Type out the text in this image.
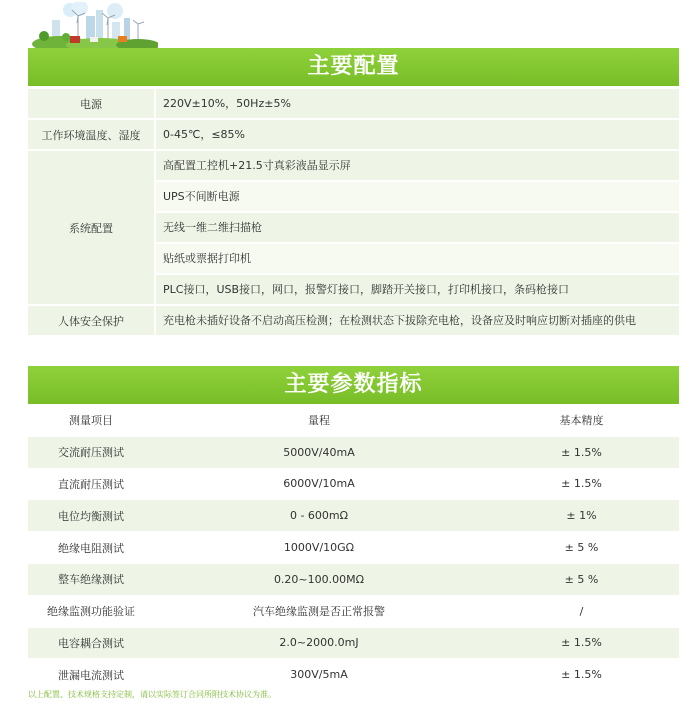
主要配置
电源	220V±10%，50Hz±5%
工作环境温度、湿度	0-45℃，≤85%
系统配置
高配置工控机+21.5寸真彩液晶显示屏
UPS不间断电源
无线一维二维扫描枪
贴纸或票据打印机
PLC接口，USB接口，网口，报警灯接口，脚踏开关接口，打印机接口，条码枪接口
人体安全保护	充电枪未插好设备不启动高压检测；在检测状态下拔除充电枪，设备应及时响应切断对插座的供电
主要参数指标
测量项目	量程	基本精度
交流耐压测试	5000V/40mA	± 1.5%
直流耐压测试	6000V/10mA	± 1.5%
电位均衡测试	0 - 600mΩ	± 1%
绝缘电阻测试	1000V/10GΩ	± 5 %
整车绝缘测试	0.20~100.00MΩ	± 5 %
绝缘监测功能验证	汽车绝缘监测是否正常报警	/
电容耦合测试	2.0~2000.0mJ	± 1.5%
泄漏电流测试	300V/5mA	± 1.5%
以上配置、技术规格支持定制，请以实际签订合同所附技术协议为准。
